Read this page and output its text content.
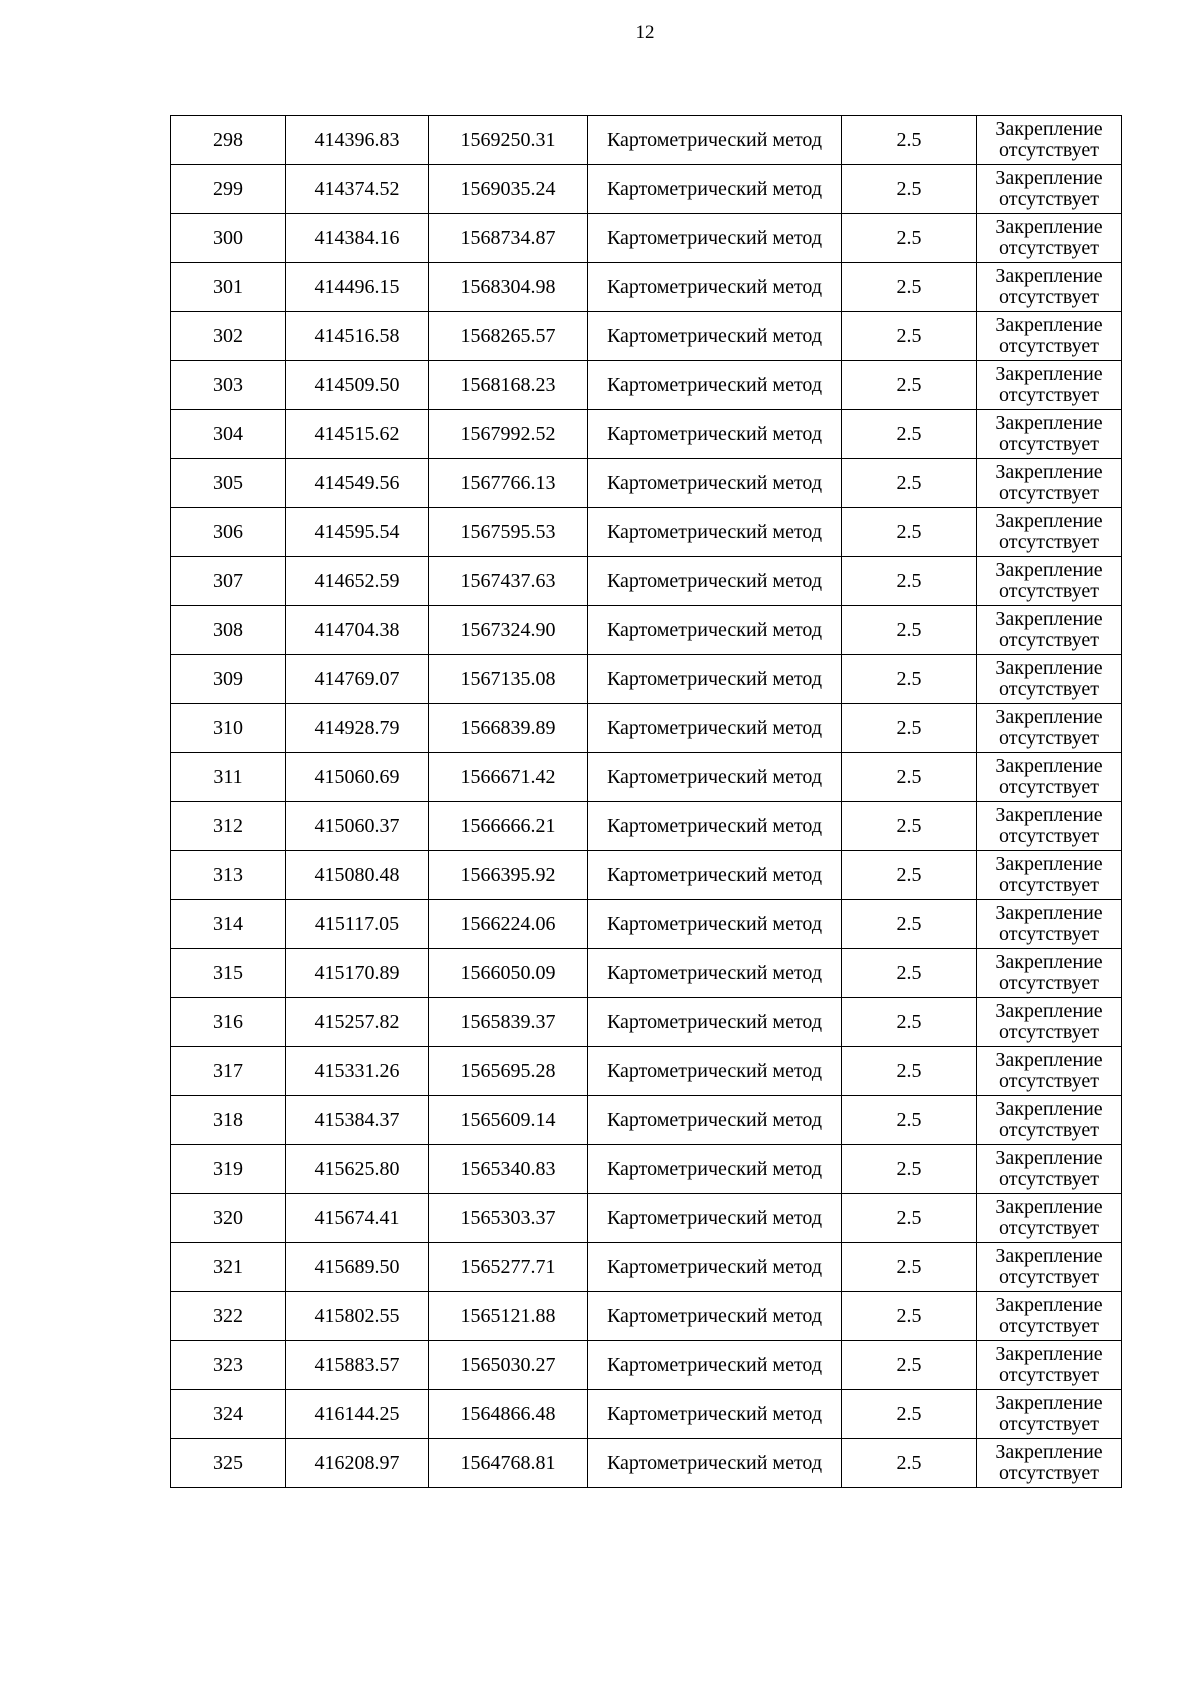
12
298	414396.83	1569250.31	Картометрический метод	2.5	Закрепление
отсутствует

299	414374.52	1569035.24	Картометрический метод	2.5	Закрепление
отсутствует

300	414384.16	1568734.87	Картометрический метод	2.5	Закрепление
отсутствует

301	414496.15	1568304.98	Картометрический метод	2.5	Закрепление
отсутствует

302	414516.58	1568265.57	Картометрический метод	2.5	Закрепление
отсутствует

303	414509.50	1568168.23	Картометрический метод	2.5	Закрепление
отсутствует

304	414515.62	1567992.52	Картометрический метод	2.5	Закрепление
отсутствует

305	414549.56	1567766.13	Картометрический метод	2.5	Закрепление
отсутствует

306	414595.54	1567595.53	Картометрический метод	2.5	Закрепление
отсутствует

307	414652.59	1567437.63	Картометрический метод	2.5	Закрепление
отсутствует

308	414704.38	1567324.90	Картометрический метод	2.5	Закрепление
отсутствует

309	414769.07	1567135.08	Картометрический метод	2.5	Закрепление
отсутствует

310	414928.79	1566839.89	Картометрический метод	2.5	Закрепление
отсутствует

311	415060.69	1566671.42	Картометрический метод	2.5	Закрепление
отсутствует

312	415060.37	1566666.21	Картометрический метод	2.5	Закрепление
отсутствует

313	415080.48	1566395.92	Картометрический метод	2.5	Закрепление
отсутствует

314	415117.05	1566224.06	Картометрический метод	2.5	Закрепление
отсутствует

315	415170.89	1566050.09	Картометрический метод	2.5	Закрепление
отсутствует

316	415257.82	1565839.37	Картометрический метод	2.5	Закрепление
отсутствует

317	415331.26	1565695.28	Картометрический метод	2.5	Закрепление
отсутствует

318	415384.37	1565609.14	Картометрический метод	2.5	Закрепление
отсутствует

319	415625.80	1565340.83	Картометрический метод	2.5	Закрепление
отсутствует

320	415674.41	1565303.37	Картометрический метод	2.5	Закрепление
отсутствует

321	415689.50	1565277.71	Картометрический метод	2.5	Закрепление
отсутствует

322	415802.55	1565121.88	Картометрический метод	2.5	Закрепление
отсутствует

323	415883.57	1565030.27	Картометрический метод	2.5	Закрепление
отсутствует

324	416144.25	1564866.48	Картометрический метод	2.5	Закрепление
отсутствует

325	416208.97	1564768.81	Картометрический метод	2.5	Закрепление
отсутствует
